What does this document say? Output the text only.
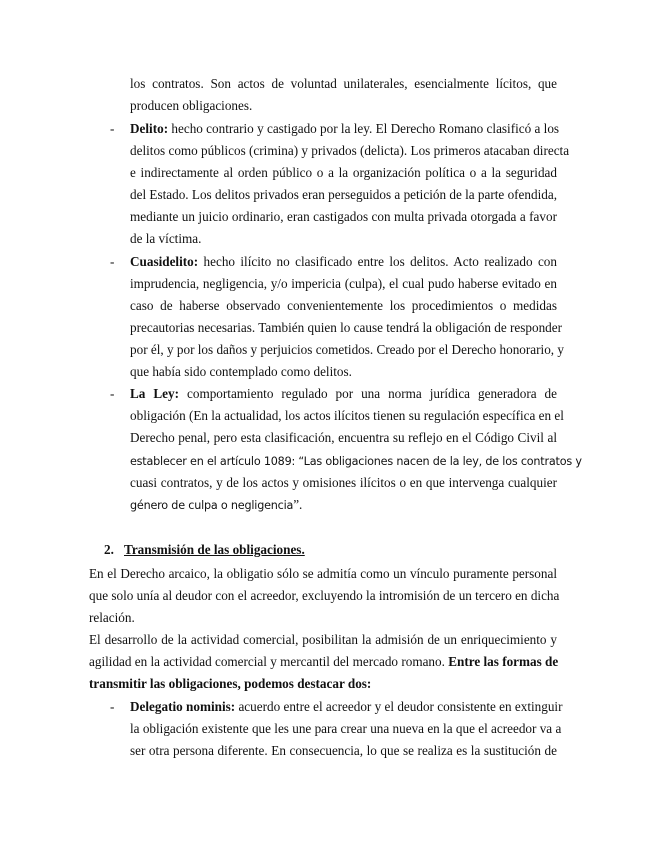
los contratos. Son actos de voluntad unilaterales, esencialmente lícitos, que
producen obligaciones.
- Delito: hecho contrario y castigado por la ley. El Derecho Romano clasificó a los
delitos como públicos (crimina) y privados (delicta). Los primeros atacaban directa
e indirectamente al orden público o a la organización política o a la seguridad
del Estado. Los delitos privados eran perseguidos a petición de la parte ofendida,
mediante un juicio ordinario, eran castigados con multa privada otorgada a favor
de la víctima.
- Cuasidelito: hecho ilícito no clasificado entre los delitos. Acto realizado con
imprudencia, negligencia, y/o impericia (culpa), el cual pudo haberse evitado en
caso de haberse observado convenientemente los procedimientos o medidas
precautorias necesarias. También quien lo cause tendrá la obligación de responder
por él, y por los daños y perjuicios cometidos. Creado por el Derecho honorario, y
que había sido contemplado como delitos.
- La Ley: comportamiento regulado por una norma jurídica generadora de
obligación (En la actualidad, los actos ilícitos tienen su regulación específica en el
Derecho penal, pero esta clasificación, encuentra su reflejo en el Código Civil al
establecer en el artículo 1089: “Las obligaciones nacen de la ley, de los contratos y
cuasi contratos, y de los actos y omisiones ilícitos o en que intervenga cualquier
género de culpa o negligencia”.
2. Transmisión de las obligaciones.
En el Derecho arcaico, la obligatio sólo se admitía como un vínculo puramente personal
que solo unía al deudor con el acreedor, excluyendo la intromisión de un tercero en dicha
relación.
El desarrollo de la actividad comercial, posibilitan la admisión de un enriquecimiento y
agilidad en la actividad comercial y mercantil del mercado romano. Entre las formas de
transmitir las obligaciones, podemos destacar dos:
- Delegatio nominis: acuerdo entre el acreedor y el deudor consistente en extinguir
la obligación existente que les une para crear una nueva en la que el acreedor va a
ser otra persona diferente. En consecuencia, lo que se realiza es la sustitución de
